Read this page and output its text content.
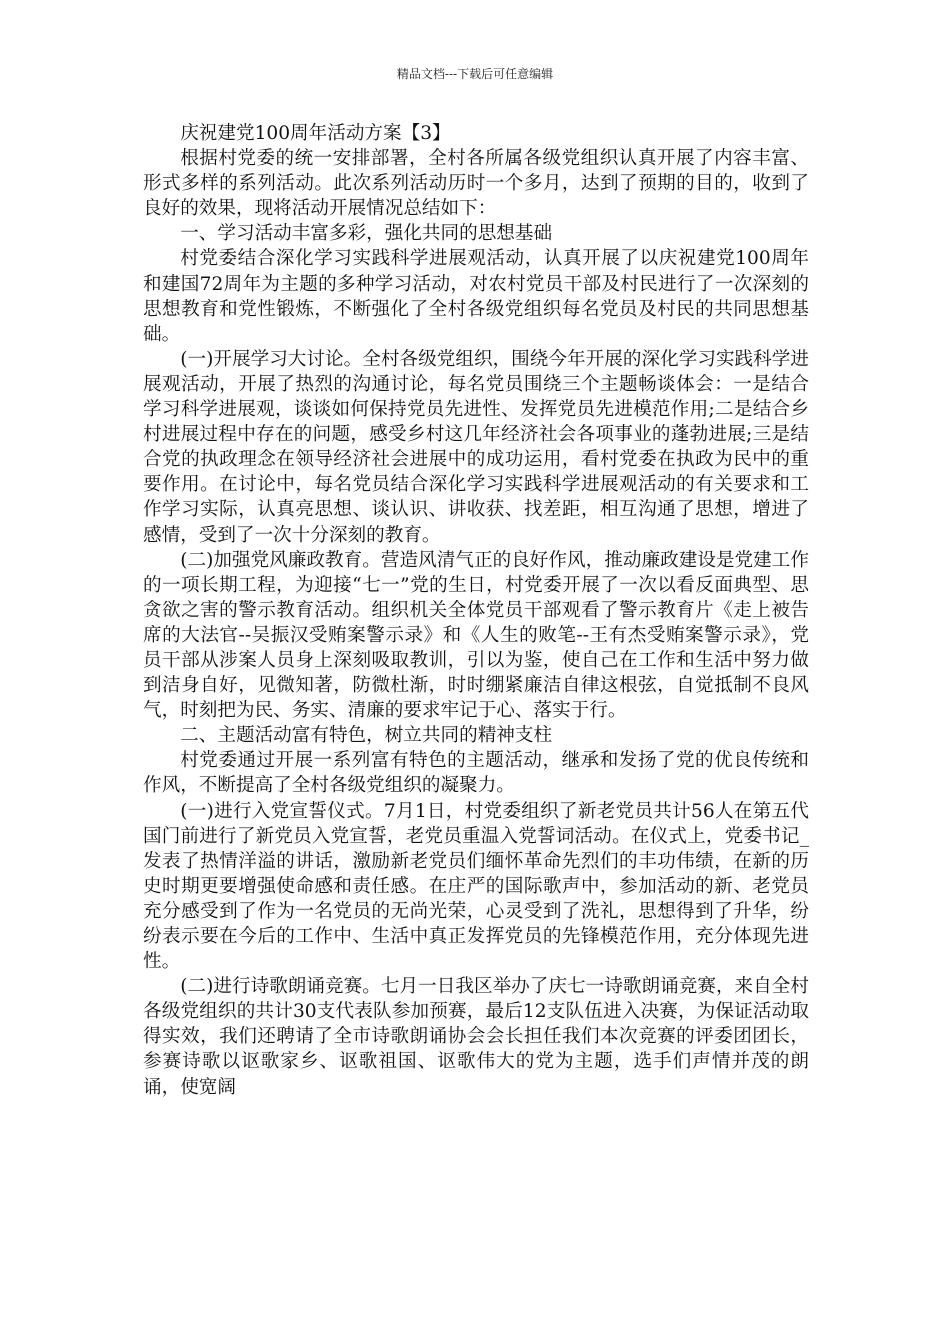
精品文档---下载后可任意编辑

庆祝建党100周年活动方案【3】

根据村党委的统一安排部署，全村各所属各级党组织认真开展了内容丰富、形式多样的系列活动。此次系列活动历时一个多月，达到了预期的目的，收到了良好的效果，现将活动开展情况总结如下：

一、学习活动丰富多彩，强化共同的思想基础

村党委结合深化学习实践科学进展观活动，认真开展了以庆祝建党100周年和建国72周年为主题的多种学习活动，对农村党员干部及村民进行了一次深刻的思想教育和党性锻炼，不断强化了全村各级党组织每名党员及村民的共同思想基础。

(一)开展学习大讨论。全村各级党组织，围绕今年开展的深化学习实践科学进展观活动，开展了热烈的沟通讨论，每名党员围绕三个主题畅谈体会：一是结合学习科学进展观，谈谈如何保持党员先进性、发挥党员先进模范作用;二是结合乡村进展过程中存在的问题，感受乡村这几年经济社会各项事业的蓬勃进展;三是结合党的执政理念在领导经济社会进展中的成功运用，看村党委在执政为民中的重要作用。在讨论中，每名党员结合深化学习实践科学进展观活动的有关要求和工作学习实际，认真亮思想、谈认识、讲收获、找差距，相互沟通了思想，增进了感情，受到了一次十分深刻的教育。

(二)加强党风廉政教育。营造风清气正的良好作风，推动廉政建设是党建工作的一项长期工程，为迎接“七一”党的生日，村党委开展了一次以看反面典型、思贪欲之害的警示教育活动。组织机关全体党员干部观看了警示教育片《走上被告席的大法官--吴振汉受贿案警示录》和《人生的败笔--王有杰受贿案警示录》，党员干部从涉案人员身上深刻吸取教训，引以为鉴，使自己在工作和生活中努力做到洁身自好，见微知著，防微杜渐，时时绷紧廉洁自律这根弦，自觉抵制不良风气，时刻把为民、务实、清廉的要求牢记于心、落实于行。

二、主题活动富有特色，树立共同的精神支柱

村党委通过开展一系列富有特色的主题活动，继承和发扬了党的优良传统和作风，不断提高了全村各级党组织的凝聚力。

(一)进行入党宣誓仪式。7月1日，村党委组织了新老党员共计56人在第五代国门前进行了新党员入党宣誓，老党员重温入党誓词活动。在仪式上，党委书记_发表了热情洋溢的讲话，激励新老党员们缅怀革命先烈们的丰功伟绩，在新的历史时期更要增强使命感和责任感。在庄严的国际歌声中，参加活动的新、老党员充分感受到了作为一名党员的无尚光荣，心灵受到了洗礼，思想得到了升华，纷纷表示要在今后的工作中、生活中真正发挥党员的先锋模范作用，充分体现先进性。

(二)进行诗歌朗诵竞赛。七月一日我区举办了庆七一诗歌朗诵竞赛，来自全村各级党组织的共计30支代表队参加预赛，最后12支队伍进入决赛，为保证活动取得实效，我们还聘请了全市诗歌朗诵协会会长担任我们本次竞赛的评委团团长，参赛诗歌以讴歌家乡、讴歌祖国、讴歌伟大的党为主题，选手们声情并茂的朗诵，使宽阔
